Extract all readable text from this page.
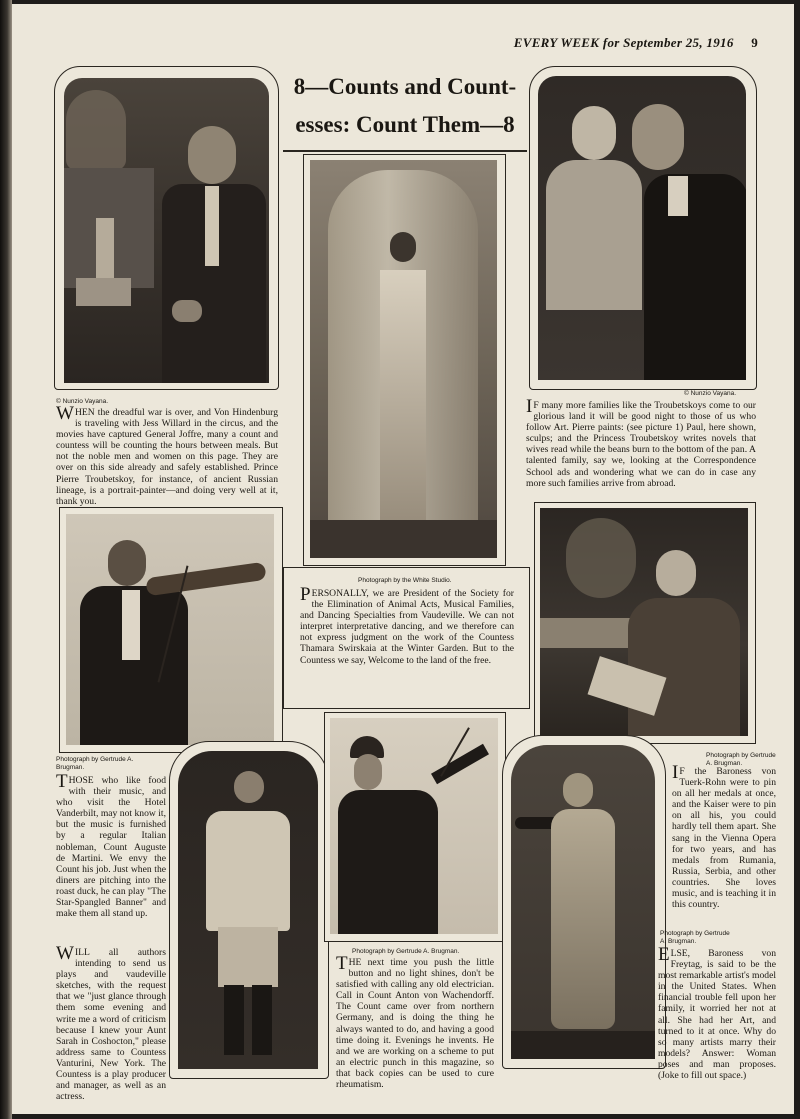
EVERY WEEK for September 25, 1916 9
© Nunzio Vayana.
WHEN the dreadful war is over, and Von Hindenburg is traveling with Jess Willard in the circus, and the movies have captured General Joffre, many a count and countess will be counting the hours between meals. But not the noble men and women on this page. They are over on this side already and safely established. Prince Pierre Troubetskoy, for instance, of ancient Russian lineage, is a portrait-painter—and doing very well at it, thank you.
8—Counts and Count-
esses: Count Them—8
© Nunzio Vayana.
I F many more families like the Troubetskoys come to our glorious land it will be good night to those of us who follow Art. Pierre paints: (see picture 1) Paul, here shown, sculps; and the Princess Troubetskoy writes novels that wives read while the beans burn to the bottom of the pan. A talented family, say we, looking at the Correspondence School ads and wondering what we can do in case any more such families arrive from abroad.
Photograph by Gertrude A. Brugman.
THOSE who like food with their music, and who visit the Hotel Vanderbilt, may not know it, but the music is furnished by a regular Italian nobleman, Count Auguste de Martini. We envy the Count his job. Just when the diners are pitching into the roast duck, he can play "The Star-Spangled Banner" and make them all stand up.
WILL all authors intending to send us plays and vaudeville sketches, with the request that we "just glance through them some evening and write me a word of criticism because I knew your Aunt Sarah in Coshocton," please address same to Countess Vanturini, New York. The Countess is a play producer and manager, as well as an actress.
Photograph by the White Studio.
PERSONALLY, we are President of the Society for the Elimination of Animal Acts, Musical Families, and Dancing Specialties from Vaudeville. We can not interpret interpretative dancing, and we therefore can not express judgment on the work of the Countess Thamara Swirskaia at the Winter Garden. But to the Countess we say, Welcome to the land of the free.
Photograph by Gertrude A. Brugman.
I F the Baroness von Tuerk-Rohn were to pin on all her medals at once, and the Kaiser were to pin on all his, you could hardly tell them apart. She sang in the Vienna Opera for two years, and has medals from Rumania, Russia, Serbia, and other countries. She loves music, and is teaching it in this country.
Photograph by Gertrude A. Brugman.
THE next time you push the little button and no light shines, don't be satisfied with calling any old electrician. Call in Count Anton von Wachendorff. The Count came over from northern Germany, and is doing the thing he always wanted to do, and having a good time doing it. Evenings he invents. He and we are working on a scheme to put an electric punch in this magazine, so that back copies can be used to cure rheumatism.
Photograph by Gertrude A. Brugman.
ELSE, Baroness von Freytag, is said to be the most remarkable artist's model in the United States. When financial trouble fell upon her family, it worried her not at all. She had her Art, and turned to it at once. Why do so many artists marry their models? Answer: Woman poses and man proposes. (Joke to fill out space.)
